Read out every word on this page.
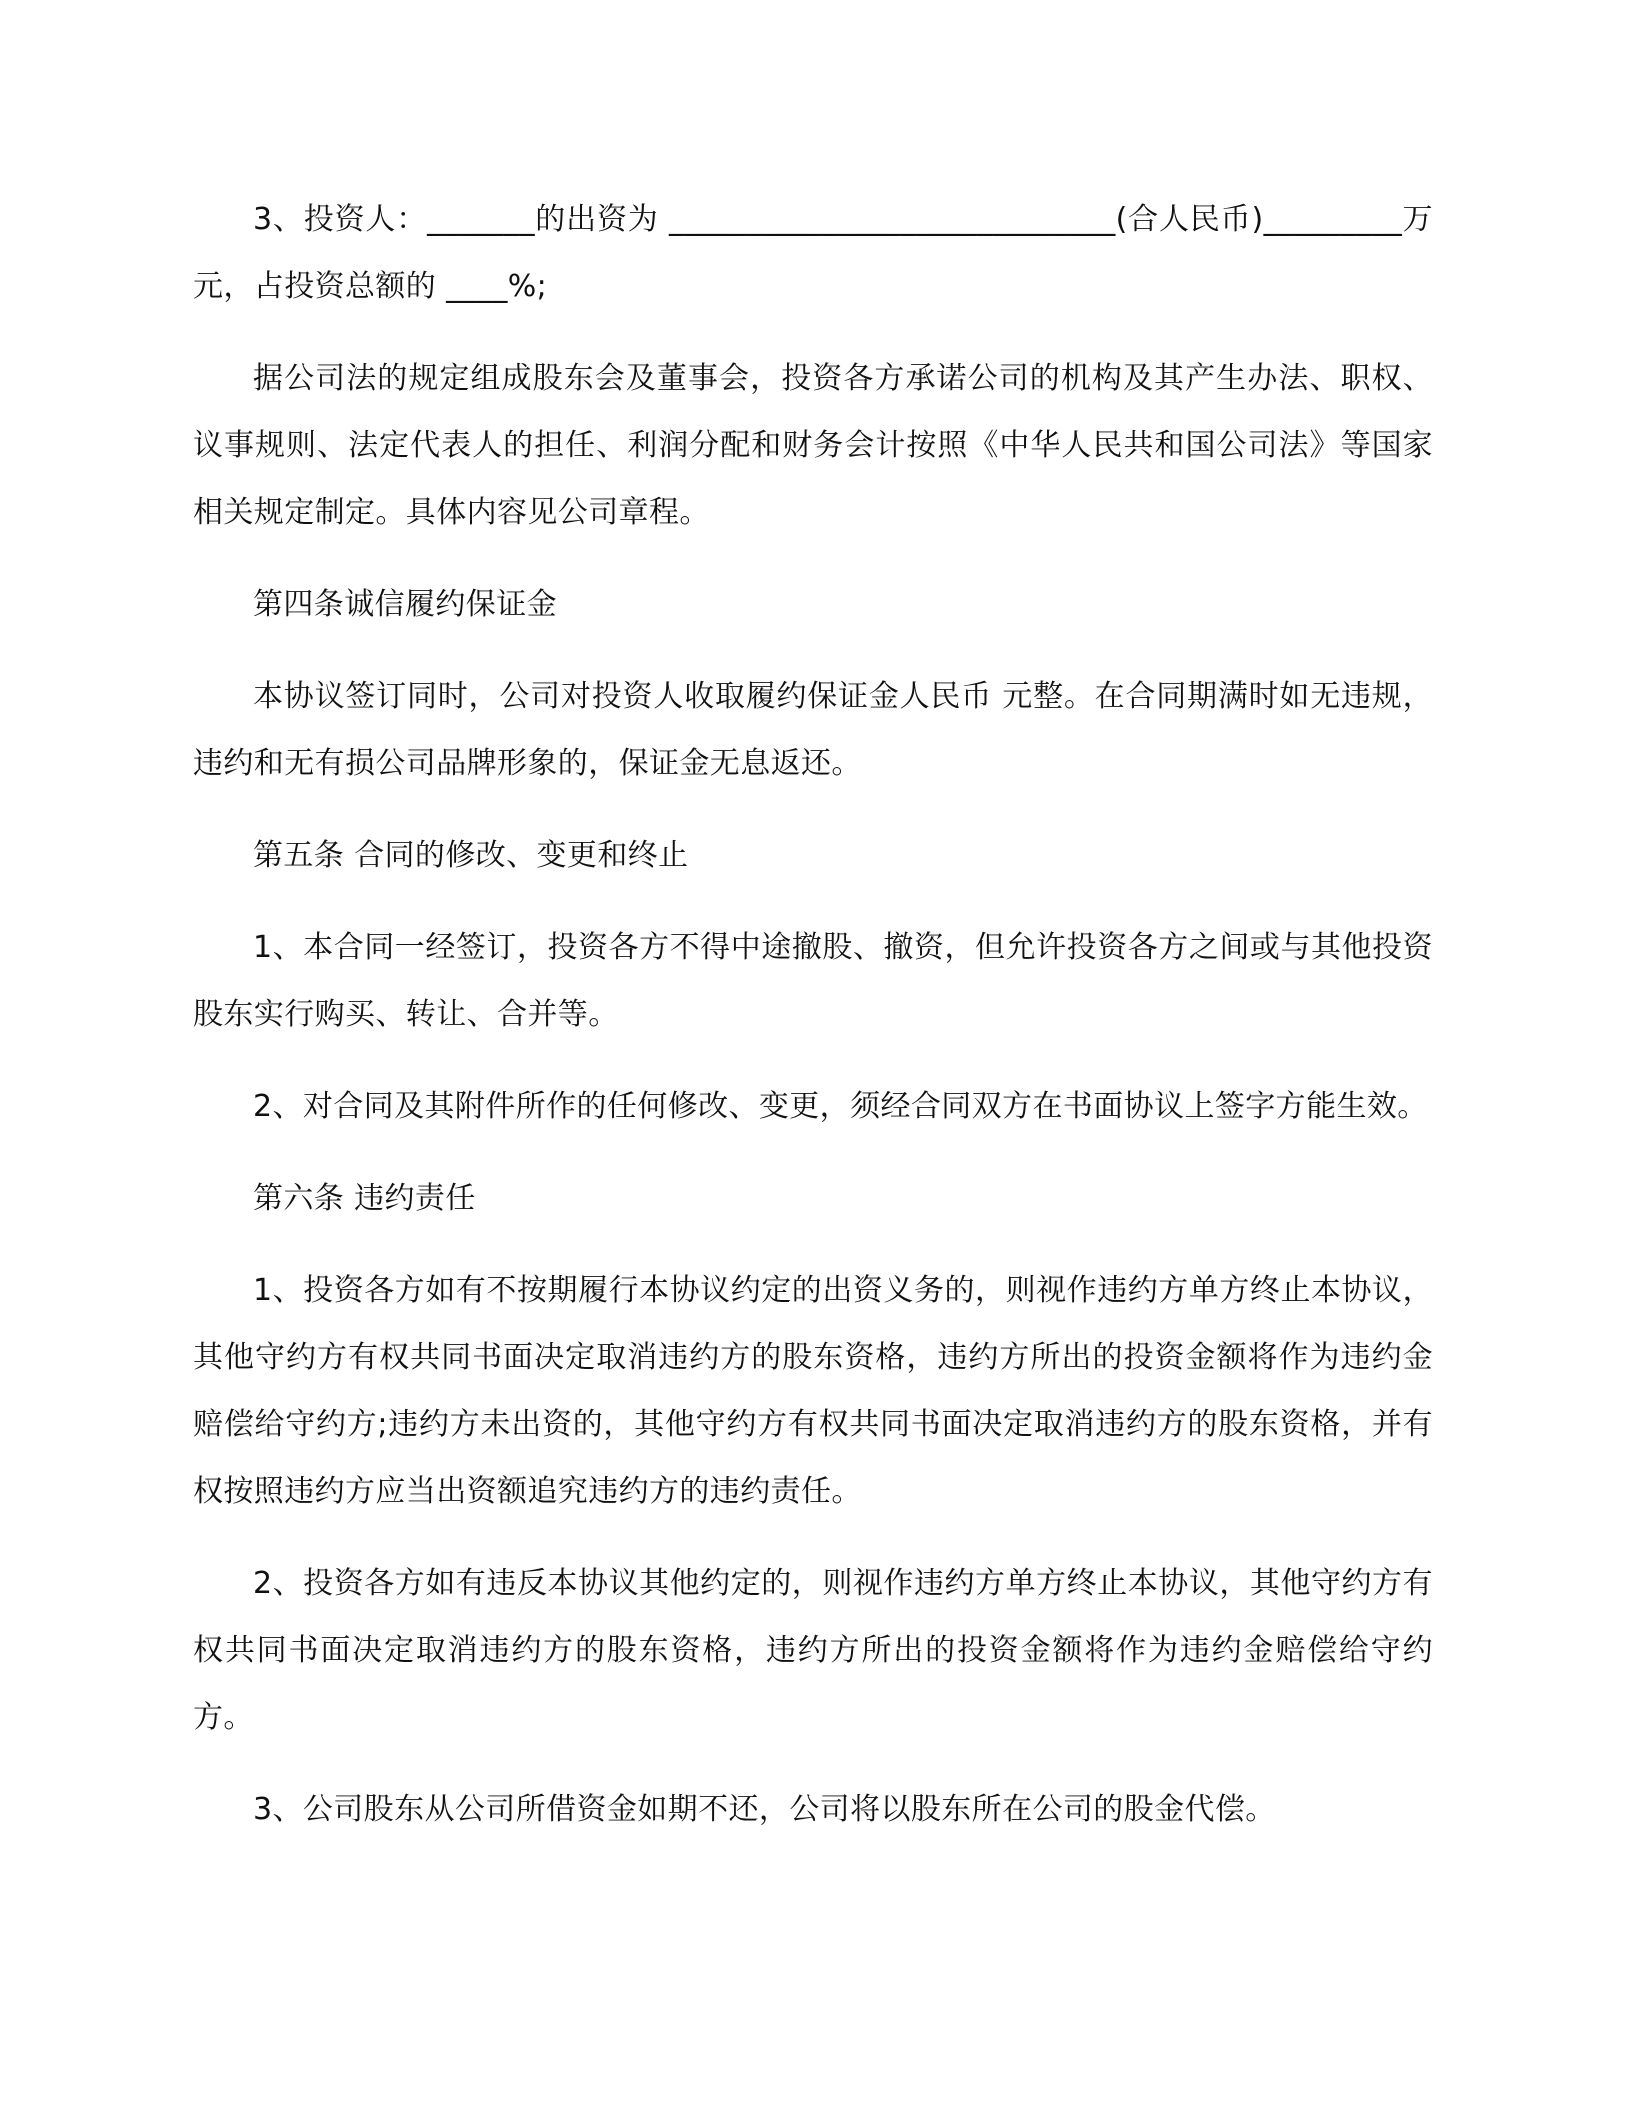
3、投资人：_______的出资为 _____________________________(合人民币)_________万元，占投资总额的 ____%;

据公司法的规定组成股东会及董事会，投资各方承诺公司的机构及其产生办法、职权、议事规则、法定代表人的担任、利润分配和财务会计按照《中华人民共和国公司法》等国家相关规定制定。具体内容见公司章程。

第四条诚信履约保证金

本协议签订同时，公司对投资人收取履约保证金人民币 元整。在合同期满时如无违规，违约和无有损公司品牌形象的，保证金无息返还。

第五条 合同的修改、变更和终止

1、本合同一经签订，投资各方不得中途撤股、撤资，但允许投资各方之间或与其他投资股东实行购买、转让、合并等。

2、对合同及其附件所作的任何修改、变更，须经合同双方在书面协议上签字方能生效。

第六条 违约责任

1、投资各方如有不按期履行本协议约定的出资义务的，则视作违约方单方终止本协议，其他守约方有权共同书面决定取消违约方的股东资格，违约方所出的投资金额将作为违约金赔偿给守约方;违约方未出资的，其他守约方有权共同书面决定取消违约方的股东资格，并有权按照违约方应当出资额追究违约方的违约责任。

2、投资各方如有违反本协议其他约定的，则视作违约方单方终止本协议，其他守约方有权共同书面决定取消违约方的股东资格，违约方所出的投资金额将作为违约金赔偿给守约方。

3、公司股东从公司所借资金如期不还，公司将以股东所在公司的股金代偿。
